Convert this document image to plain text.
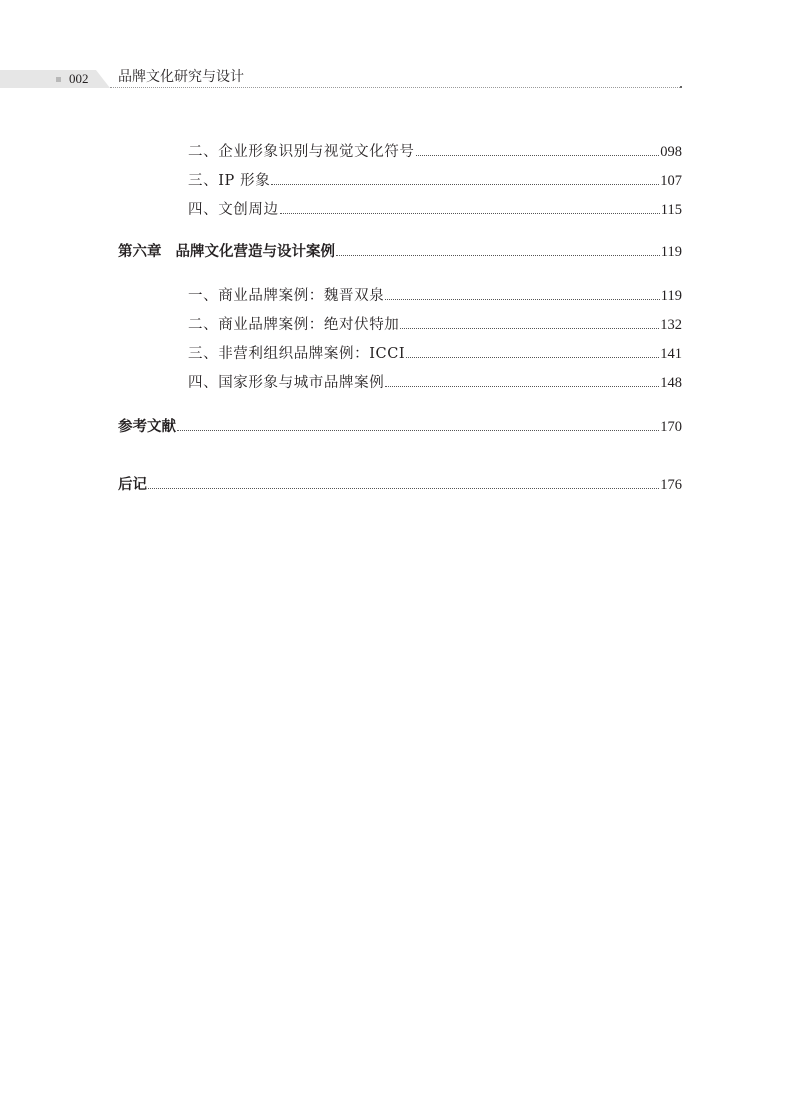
002 品牌文化研究与设计
二、企业形象识别与视觉文化符号	098
三、IP 形象	107
四、文创周边	115
第六章 品牌文化营造与设计案例	119
一、商业品牌案例：魏晋双泉	119
二、商业品牌案例：绝对伏特加	132
三、非营利组织品牌案例：ICCI	141
四、国家形象与城市品牌案例	148
参考文献	170
后记	176
